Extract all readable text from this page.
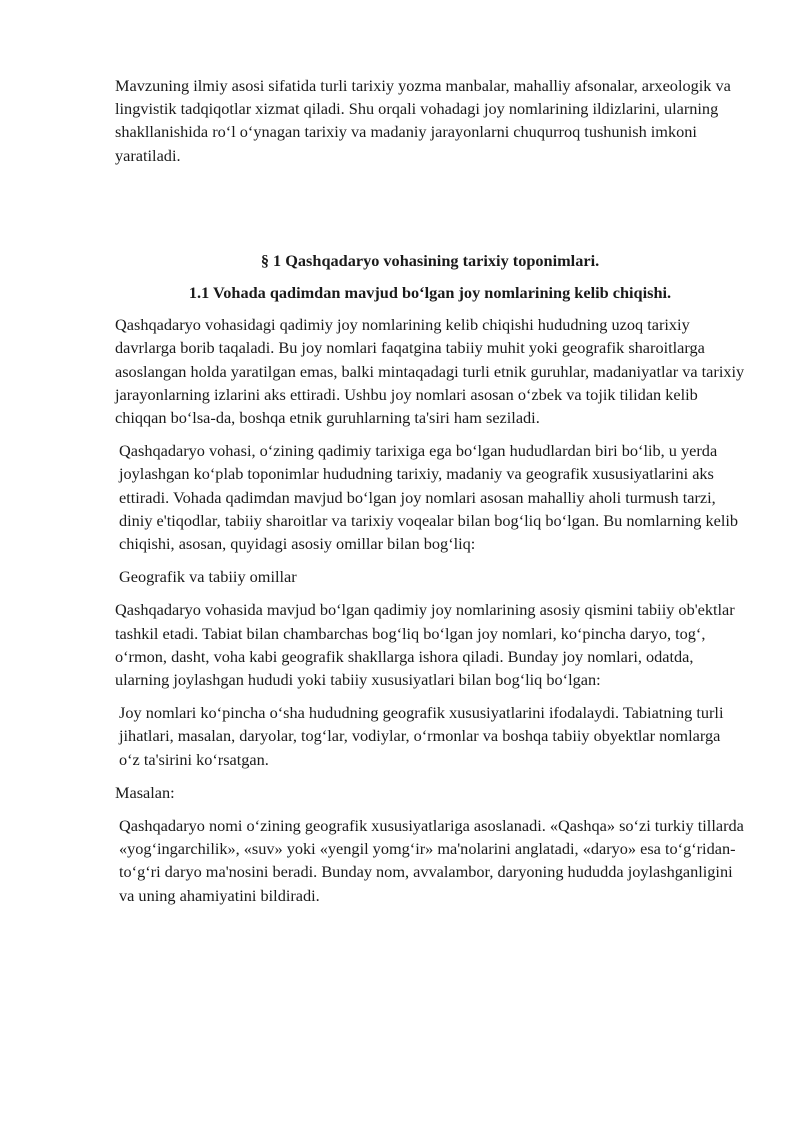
Mavzuning ilmiy asosi sifatida turli tarixiy yozma manbalar, mahalliy afsonalar, arxeologik va lingvistik tadqiqotlar xizmat qiladi. Shu orqali vohadagi joy nomlarining ildizlarini, ularning shakllanishida ro‘l o‘ynagan tarixiy va madaniy jarayonlarni chuqurroq tushunish imkoni yaratiladi.

§ 1 Qashqadaryo vohasining tarixiy toponimlari.

1.1 Vohada qadimdan mavjud bo‘lgan joy nomlarining kelib chiqishi.

Qashqadaryo vohasidagi qadimiy joy nomlarining kelib chiqishi hududning uzoq tarixiy davrlarga borib taqaladi. Bu joy nomlari faqatgina tabiiy muhit yoki geografik sharoitlarga asoslangan holda yaratilgan emas, balki mintaqadagi turli etnik guruhlar, madaniyatlar va tarixiy jarayonlarning izlarini aks ettiradi. Ushbu joy nomlari asosan o‘zbek va tojik tilidan kelib chiqqan bo‘lsa-da, boshqa etnik guruhlarning ta'siri ham seziladi.

Qashqadaryo vohasi, o‘zining qadimiy tarixiga ega bo‘lgan hududlardan biri bo‘lib, u yerda joylashgan ko‘plab toponimlar hududning tarixiy, madaniy va geografik xususiyatlarini aks ettiradi. Vohada qadimdan mavjud bo‘lgan joy nomlari asosan mahalliy aholi turmush tarzi, diniy e'tiqodlar, tabiiy sharoitlar va tarixiy voqealar bilan bog‘liq bo‘lgan. Bu nomlarning kelib chiqishi, asosan, quyidagi asosiy omillar bilan bog‘liq:

Geografik va tabiiy omillar

Qashqadaryo vohasida mavjud bo‘lgan qadimiy joy nomlarining asosiy qismini tabiiy ob'ektlar tashkil etadi. Tabiat bilan chambarchas bog‘liq bo‘lgan joy nomlari, ko‘pincha daryo, tog‘, o‘rmon, dasht, voha kabi geografik shakllarga ishora qiladi. Bunday joy nomlari, odatda, ularning joylashgan hududi yoki tabiiy xususiyatlari bilan bog‘liq bo‘lgan:

Joy nomlari ko‘pincha o‘sha hududning geografik xususiyatlarini ifodalaydi. Tabiatning turli jihatlari, masalan, daryolar, tog‘lar, vodiylar, o‘rmonlar va boshqa tabiiy obyektlar nomlarga o‘z ta'sirini ko‘rsatgan.

Masalan:

Qashqadaryo nomi o‘zining geografik xususiyatlariga asoslanadi. «Qashqa» so‘zi turkiy tillarda «yog‘ingarchilik», «suv» yoki «yengil yomg‘ir» ma'nolarini anglatadi, «daryo» esa to‘g‘ridan-to‘g‘ri daryo ma'nosini beradi. Bunday nom, avvalambor, daryoning hududda joylashganligini va uning ahamiyatini bildiradi.
